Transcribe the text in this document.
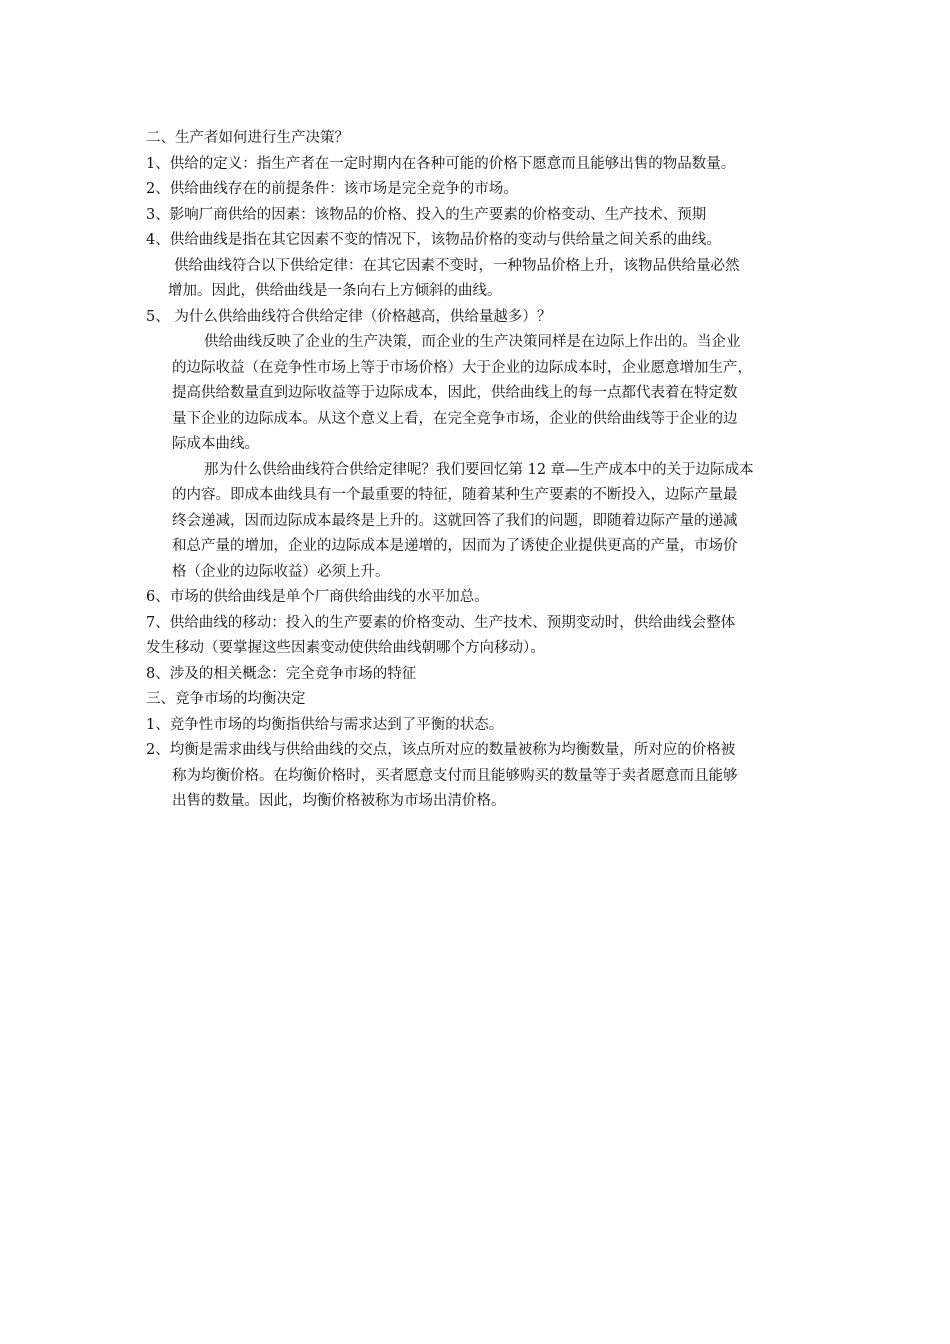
二、生产者如何进行生产决策？
1、供给的定义：指生产者在一定时期内在各种可能的价格下愿意而且能够出售的物品数量。
2、供给曲线存在的前提条件：该市场是完全竞争的市场。
3、影响厂商供给的因素：该物品的价格、投入的生产要素的价格变动、生产技术、预期
4、供给曲线是指在其它因素不变的情况下，该物品价格的变动与供给量之间关系的曲线。
供给曲线符合以下供给定律：在其它因素不变时，一种物品价格上升，该物品供给量必然
增加。因此，供给曲线是一条向右上方倾斜的曲线。
5、 为什么供给曲线符合供给定律（价格越高，供给量越多）？
供给曲线反映了企业的生产决策，而企业的生产决策同样是在边际上作出的。当企业
的边际收益（在竞争性市场上等于市场价格）大于企业的边际成本时，企业愿意增加生产，
提高供给数量直到边际收益等于边际成本，因此，供给曲线上的每一点都代表着在特定数
量下企业的边际成本。从这个意义上看，在完全竞争市场，企业的供给曲线等于企业的边
际成本曲线。
那为什么供给曲线符合供给定律呢？我们要回忆第 12 章—生产成本中的关于边际成本
的内容。即成本曲线具有一个最重要的特征，随着某种生产要素的不断投入，边际产量最
终会递减，因而边际成本最终是上升的。这就回答了我们的问题，即随着边际产量的递减
和总产量的增加，企业的边际成本是递增的，因而为了诱使企业提供更高的产量，市场价
格（企业的边际收益）必须上升。
6、市场的供给曲线是单个厂商供给曲线的水平加总。
7、供给曲线的移动：投入的生产要素的价格变动、生产技术、预期变动时，供给曲线会整体
发生移动（要掌握这些因素变动使供给曲线朝哪个方向移动）。
8、涉及的相关概念：完全竞争市场的特征
三、竞争市场的均衡决定
1、竞争性市场的均衡指供给与需求达到了平衡的状态。
2、均衡是需求曲线与供给曲线的交点，该点所对应的数量被称为均衡数量，所对应的价格被
称为均衡价格。在均衡价格时，买者愿意支付而且能够购买的数量等于卖者愿意而且能够
出售的数量。因此，均衡价格被称为市场出清价格。
